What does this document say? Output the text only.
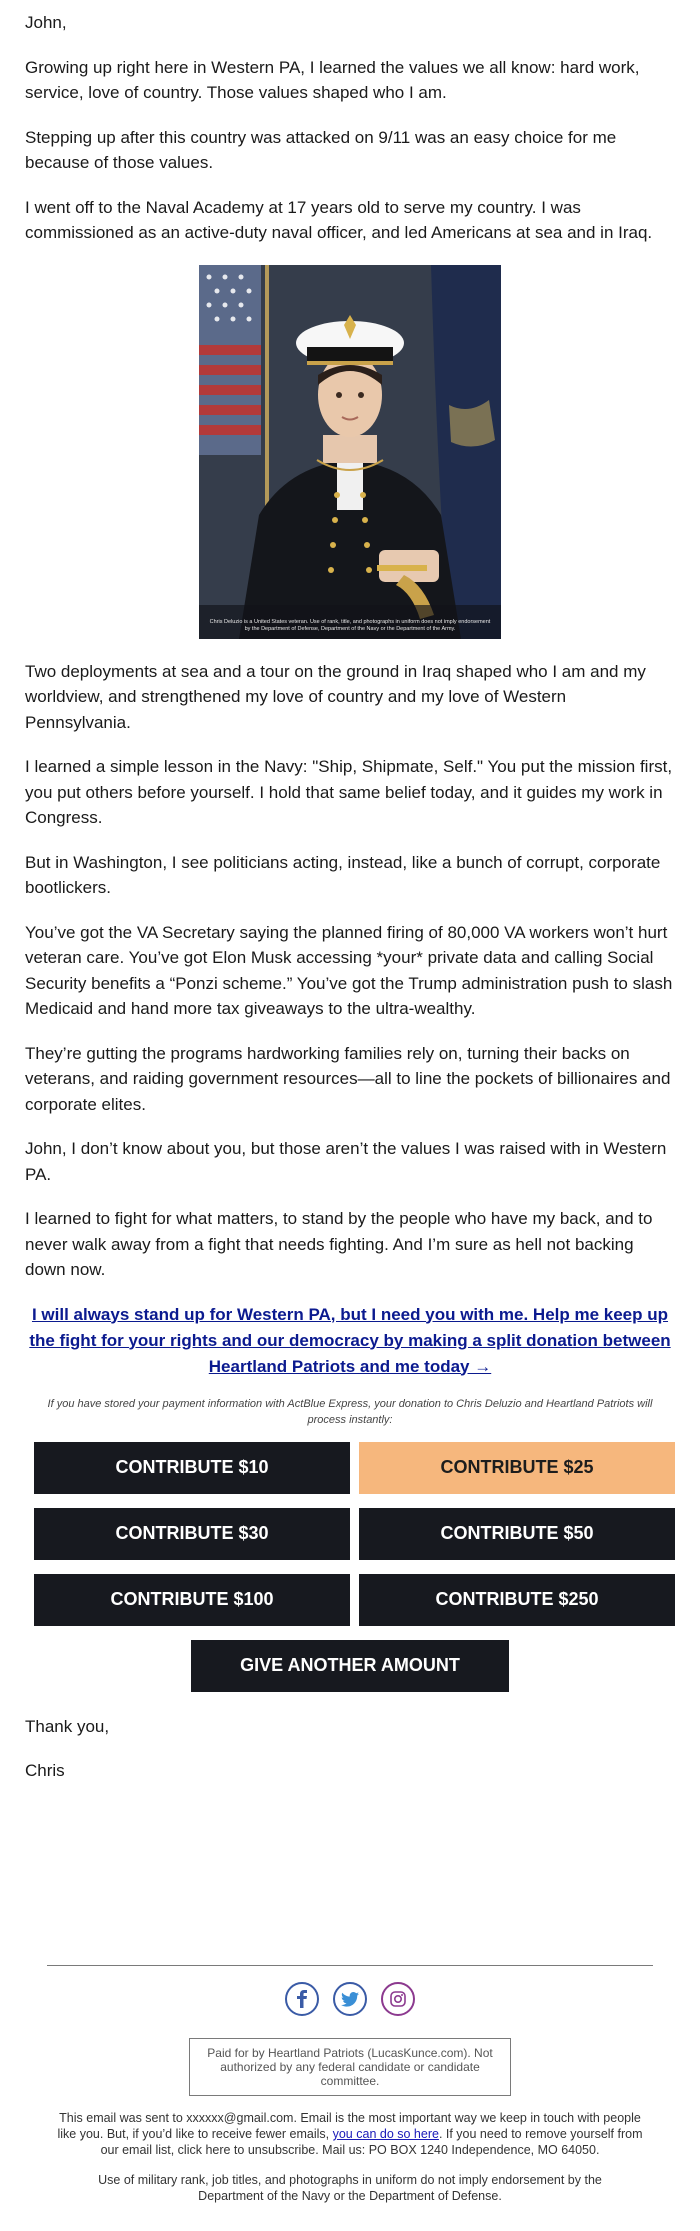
John,

Growing up right here in Western PA, I learned the values we all know: hard work, service, love of country. Those values shaped who I am.

Stepping up after this country was attacked on 9/11 was an easy choice for me because of those values.

I went off to the Naval Academy at 17 years old to serve my country. I was commissioned as an active-duty naval officer, and led Americans at sea and in Iraq.

Chris Deluzio is a United States veteran. Use of rank, title, and photographs in uniform does not imply endorsement by the Department of Defense, Department of the Navy or the Department of the Army.

Two deployments at sea and a tour on the ground in Iraq shaped who I am and my worldview, and strengthened my love of country and my love of Western Pennsylvania.

I learned a simple lesson in the Navy: "Ship, Shipmate, Self." You put the mission first, you put others before yourself. I hold that same belief today, and it guides my work in Congress.

But in Washington, I see politicians acting, instead, like a bunch of corrupt, corporate bootlickers.

You’ve got the VA Secretary saying the planned firing of 80,000 VA workers won’t hurt veteran care. You’ve got Elon Musk accessing *your* private data and calling Social Security benefits a “Ponzi scheme.” You’ve got the Trump administration push to slash Medicaid and hand more tax giveaways to the ultra-wealthy.

They’re gutting the programs hardworking families rely on, turning their backs on veterans, and raiding government resources—all to line the pockets of billionaires and corporate elites.

John, I don’t know about you, but those aren’t the values I was raised with in Western PA.

I learned to fight for what matters, to stand by the people who have my back, and to never walk away from a fight that needs fighting. And I’m sure as hell not backing down now.

I will always stand up for Western PA, but I need you with me. Help me keep up the fight for your rights and our democracy by making a split donation between Heartland Patriots and me today →
If you have stored your payment information with ActBlue Express, your donation to Chris Deluzio and Heartland Patriots will process instantly:
CONTRIBUTE $10	CONTRIBUTE $25
CONTRIBUTE $30	CONTRIBUTE $50
CONTRIBUTE $100	CONTRIBUTE $250
GIVE ANOTHER AMOUNT

Thank you,

Chris

Paid for by Heartland Patriots (LucasKunce.com). Not authorized by any federal candidate or candidate committee.
This email was sent to xxxxxx@gmail.com. Email is the most important way we keep in touch with people like you. But, if you’d like to receive fewer emails, you can do so here. If you need to remove yourself from our email list, click here to unsubscribe. Mail us: PO BOX 1240 Independence, MO 64050.
Use of military rank, job titles, and photographs in uniform do not imply endorsement by the Department of the Navy or the Department of Defense.
